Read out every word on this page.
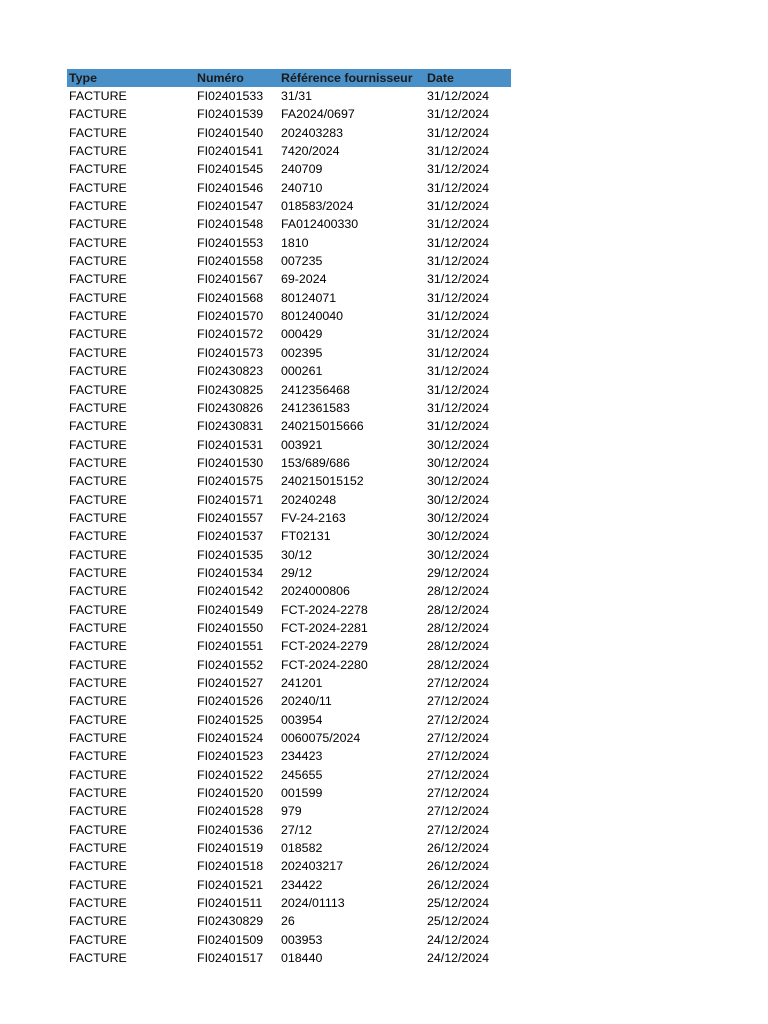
Type	Numéro	Référence fournisseur	Date
FACTURE	FI02401533	31/31	31/12/2024
FACTURE	FI02401539	FA2024/0697	31/12/2024
FACTURE	FI02401540	202403283	31/12/2024
FACTURE	FI02401541	7420/2024	31/12/2024
FACTURE	FI02401545	240709	31/12/2024
FACTURE	FI02401546	240710	31/12/2024
FACTURE	FI02401547	018583/2024	31/12/2024
FACTURE	FI02401548	FA012400330	31/12/2024
FACTURE	FI02401553	1810	31/12/2024
FACTURE	FI02401558	007235	31/12/2024
FACTURE	FI02401567	69-2024	31/12/2024
FACTURE	FI02401568	80124071	31/12/2024
FACTURE	FI02401570	801240040	31/12/2024
FACTURE	FI02401572	000429	31/12/2024
FACTURE	FI02401573	002395	31/12/2024
FACTURE	FI02430823	000261	31/12/2024
FACTURE	FI02430825	2412356468	31/12/2024
FACTURE	FI02430826	2412361583	31/12/2024
FACTURE	FI02430831	240215015666	31/12/2024
FACTURE	FI02401531	003921	30/12/2024
FACTURE	FI02401530	153/689/686	30/12/2024
FACTURE	FI02401575	240215015152	30/12/2024
FACTURE	FI02401571	20240248	30/12/2024
FACTURE	FI02401557	FV-24-2163	30/12/2024
FACTURE	FI02401537	FT02131	30/12/2024
FACTURE	FI02401535	30/12	30/12/2024
FACTURE	FI02401534	29/12	29/12/2024
FACTURE	FI02401542	2024000806	28/12/2024
FACTURE	FI02401549	FCT-2024-2278	28/12/2024
FACTURE	FI02401550	FCT-2024-2281	28/12/2024
FACTURE	FI02401551	FCT-2024-2279	28/12/2024
FACTURE	FI02401552	FCT-2024-2280	28/12/2024
FACTURE	FI02401527	241201	27/12/2024
FACTURE	FI02401526	20240/11	27/12/2024
FACTURE	FI02401525	003954	27/12/2024
FACTURE	FI02401524	0060075/2024	27/12/2024
FACTURE	FI02401523	234423	27/12/2024
FACTURE	FI02401522	245655	27/12/2024
FACTURE	FI02401520	001599	27/12/2024
FACTURE	FI02401528	979	27/12/2024
FACTURE	FI02401536	27/12	27/12/2024
FACTURE	FI02401519	018582	26/12/2024
FACTURE	FI02401518	202403217	26/12/2024
FACTURE	FI02401521	234422	26/12/2024
FACTURE	FI02401511	2024/01113	25/12/2024
FACTURE	FI02430829	26	25/12/2024
FACTURE	FI02401509	003953	24/12/2024
FACTURE	FI02401517	018440	24/12/2024
